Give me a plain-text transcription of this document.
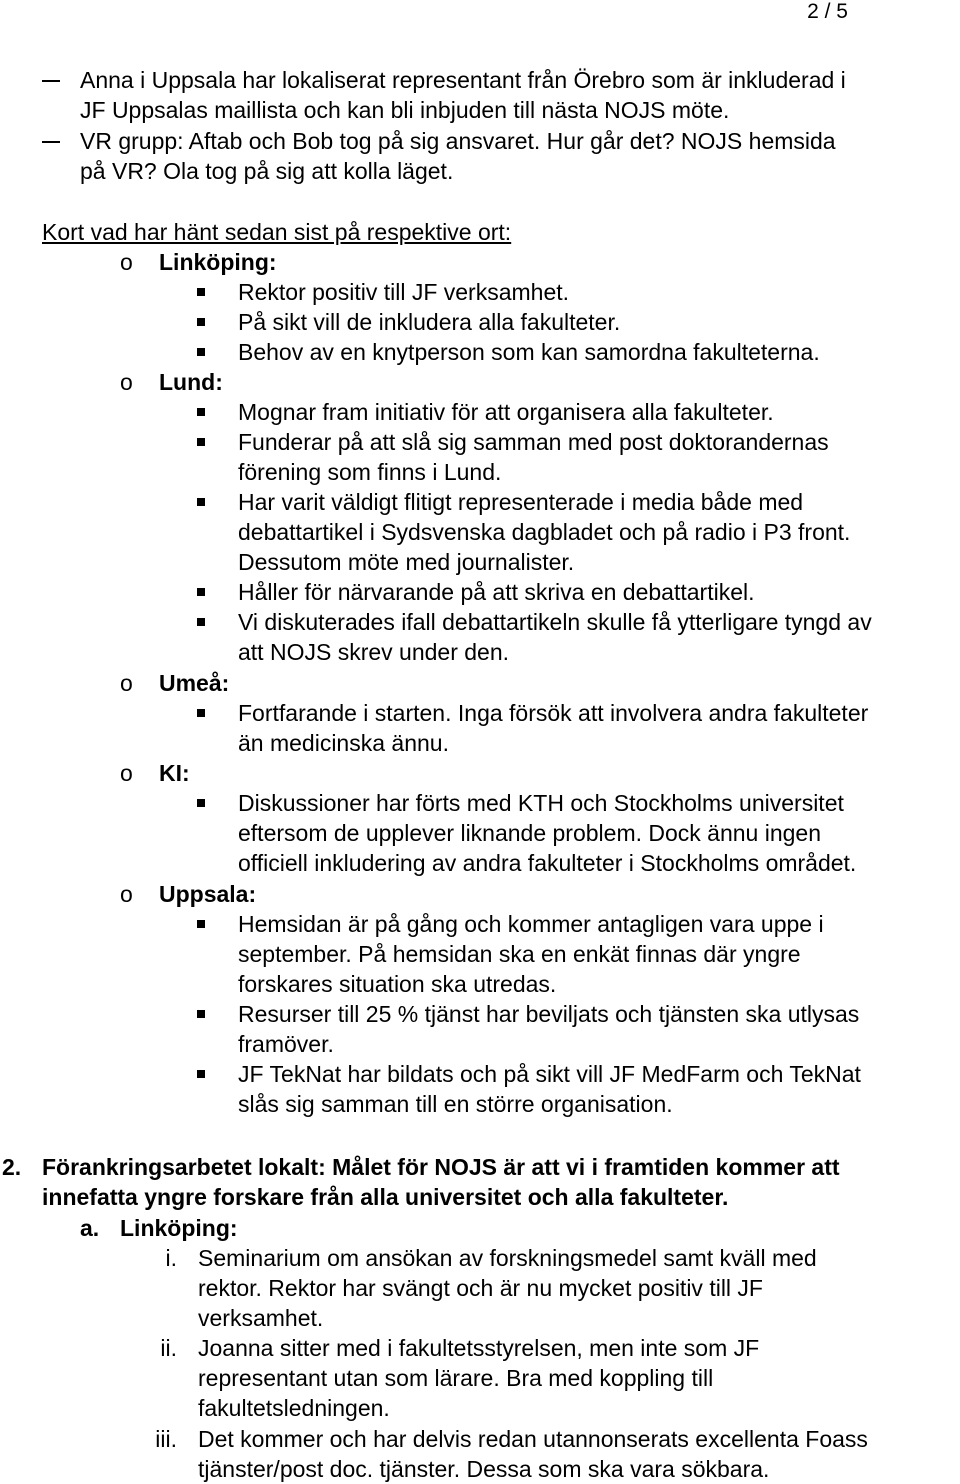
2 / 5
Anna i Uppsala har lokaliserat representant från Örebro som är inkluderad i
JF Uppsalas maillista och kan bli inbjuden till nästa NOJS möte.
VR grupp: Aftab och Bob tog på sig ansvaret. Hur går det? NOJS hemsida
på VR? Ola tog på sig att kolla läget.
Kort vad har hänt sedan sist på respektive ort:
o Linköping:
Rektor positiv till JF verksamhet.
På sikt vill de inkludera alla fakulteter.
Behov av en knytperson som kan samordna fakulteterna.
o Lund:
Mognar fram initiativ för att organisera alla fakulteter.
Funderar på att slå sig samman med post doktorandernas
förening som finns i Lund.
Har varit väldigt flitigt representerade i media både med
debattartikel i Sydsvenska dagbladet och på radio i P3 front.
Dessutom möte med journalister.
Håller för närvarande på att skriva en debattartikel.
Vi diskuterades ifall debattartikeln skulle få ytterligare tyngd av
att NOJS skrev under den.
o Umeå:
Fortfarande i starten. Inga försök att involvera andra fakulteter
än medicinska ännu.
o KI:
Diskussioner har förts med KTH och Stockholms universitet
eftersom de upplever liknande problem. Dock ännu ingen
officiell inkludering av andra fakulteter i Stockholms området.
o Uppsala:
Hemsidan är på gång och kommer antagligen vara uppe i
september. På hemsidan ska en enkät finnas där yngre
forskares situation ska utredas.
Resurser till 25 % tjänst har beviljats och tjänsten ska utlysas
framöver.
JF TekNat har bildats och på sikt vill JF MedFarm och TekNat
slås sig samman till en större organisation.
2. Förankringsarbetet lokalt: Målet för NOJS är att vi i framtiden kommer att
innefatta yngre forskare från alla universitet och alla fakulteter.
a. Linköping:
i. Seminarium om ansökan av forskningsmedel samt kväll med
rektor. Rektor har svängt och är nu mycket positiv till JF
verksamhet.
ii. Joanna sitter med i fakultetsstyrelsen, men inte som JF
representant utan som lärare. Bra med koppling till
fakultetsledningen.
iii. Det kommer och har delvis redan utannonserats excellenta Foass
tjänster/post doc. tjänster. Dessa som ska vara sökbara.
